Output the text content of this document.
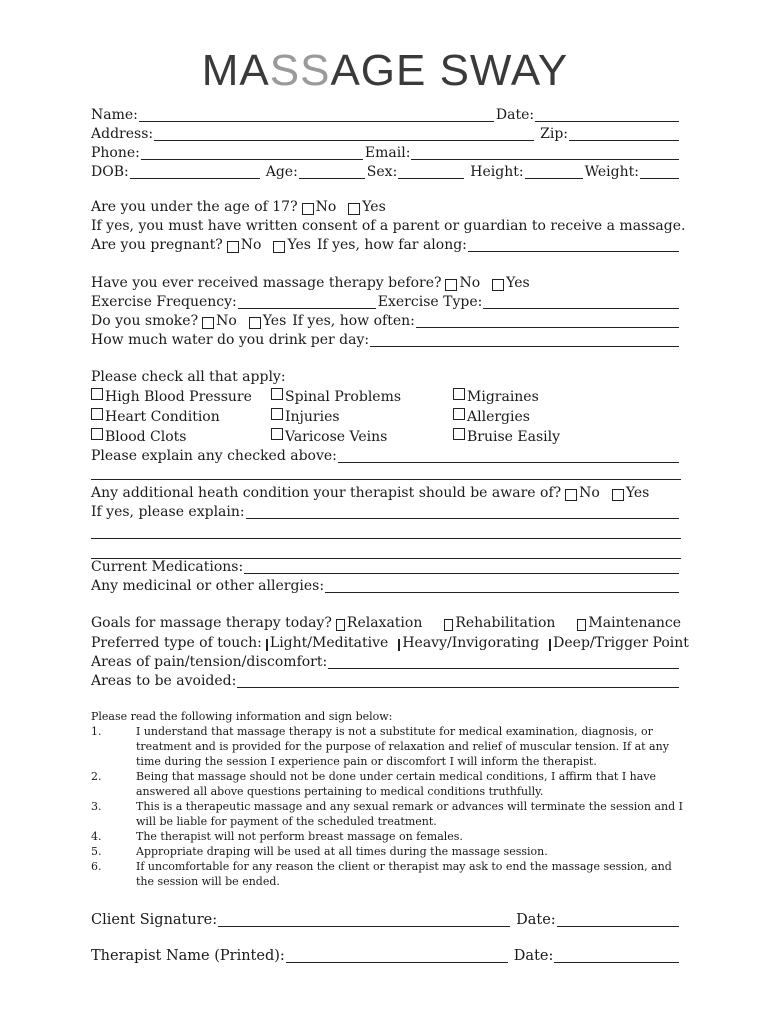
MASSAGE SWAY
Name:	Date:
Address:	Zip:
Phone:	Email:
DOB:	Age:	Sex:	Height:	Weight:
Are you under the age of 17? No Yes
If yes, you must have written consent of a parent or guardian to receive a massage.
Are you pregnant? No Yes If yes, how far along:
Have you ever received massage therapy before? No Yes
Exercise Frequency:	Exercise Type:
Do you smoke? No Yes If yes, how often:
How much water do you drink per day:
Please check all that apply:
High Blood Pressure	Spinal Problems	Migraines
Heart Condition	Injuries	Allergies
Blood Clots	Varicose Veins	Bruise Easily
Please explain any checked above:
Any additional heath condition your therapist should be aware of? No Yes
If yes, please explain:
Current Medications:
Any medicinal or other allergies:
Goals for massage therapy today? Relaxation Rehabilitation Maintenance
Preferred type of touch: Light/Meditative Heavy/Invigorating Deep/Trigger Point
Areas of pain/tension/discomfort:
Areas to be avoided:
Please read the following information and sign below:
1.	I understand that massage therapy is not a substitute for medical examination, diagnosis, or treatment and is provided for the purpose of relaxation and relief of muscular tension. If at any time during the session I experience pain or discomfort I will inform the therapist.
2.	Being that massage should not be done under certain medical conditions, I affirm that I have answered all above questions pertaining to medical conditions truthfully.
3.	This is a therapeutic massage and any sexual remark or advances will terminate the session and I will be liable for payment of the scheduled treatment.
4.	The therapist will not perform breast massage on females.
5.	Appropriate draping will be used at all times during the massage session.
6.	If uncomfortable for any reason the client or therapist may ask to end the massage session, and the session will be ended.
Client Signature:	Date:
Therapist Name (Printed):	Date:
